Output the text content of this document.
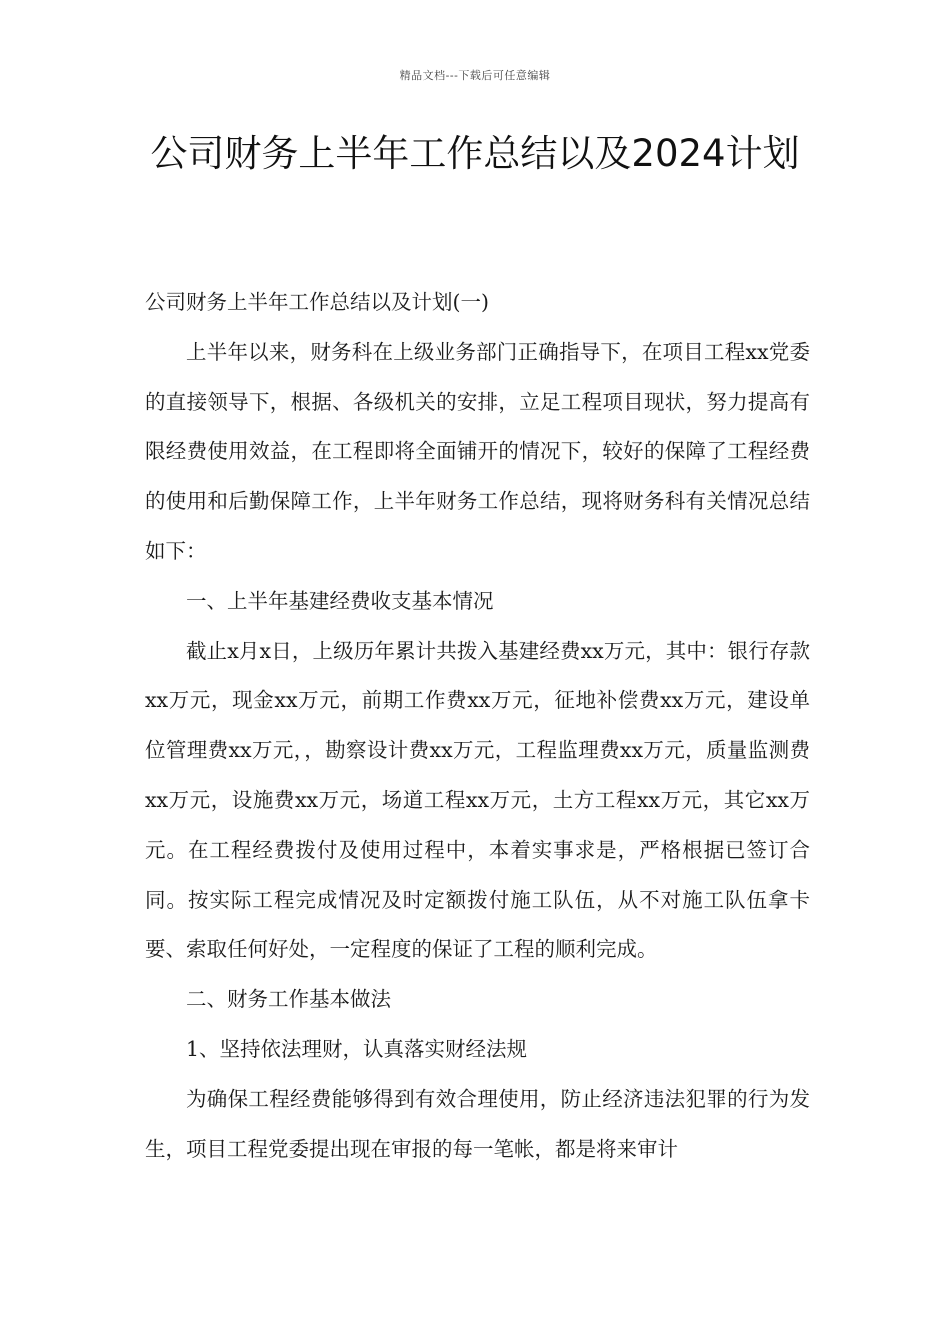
精品文档---下载后可任意编辑
公司财务上半年工作总结以及2024计划

公司财务上半年工作总结以及计划(一)

上半年以来，财务科在上级业务部门正确指导下，在项目工程xx党委的直接领导下，根据、各级机关的安排，立足工程项目现状，努力提高有限经费使用效益，在工程即将全面铺开的情况下，较好的保障了工程经费的使用和后勤保障工作，上半年财务工作总结，现将财务科有关情况总结如下：

一、上半年基建经费收支基本情况

截止x月x日，上级历年累计共拨入基建经费xx万元，其中：银行存款xx万元，现金xx万元，前期工作费xx万元，征地补偿费xx万元，建设单位管理费xx万元，，勘察设计费xx万元，工程监理费xx万元，质量监测费xx万元，设施费xx万元，场道工程xx万元，土方工程xx万元，其它xx万元。在工程经费拨付及使用过程中，本着实事求是，严格根据已签订合同。按实际工程完成情况及时定额拨付施工队伍，从不对施工队伍拿卡要、索取任何好处，一定程度的保证了工程的顺利完成。

二、财务工作基本做法

1、坚持依法理财，认真落实财经法规

为确保工程经费能够得到有效合理使用，防止经济违法犯罪的行为发生，项目工程党委提出现在审报的每一笔帐，都是将来审计
